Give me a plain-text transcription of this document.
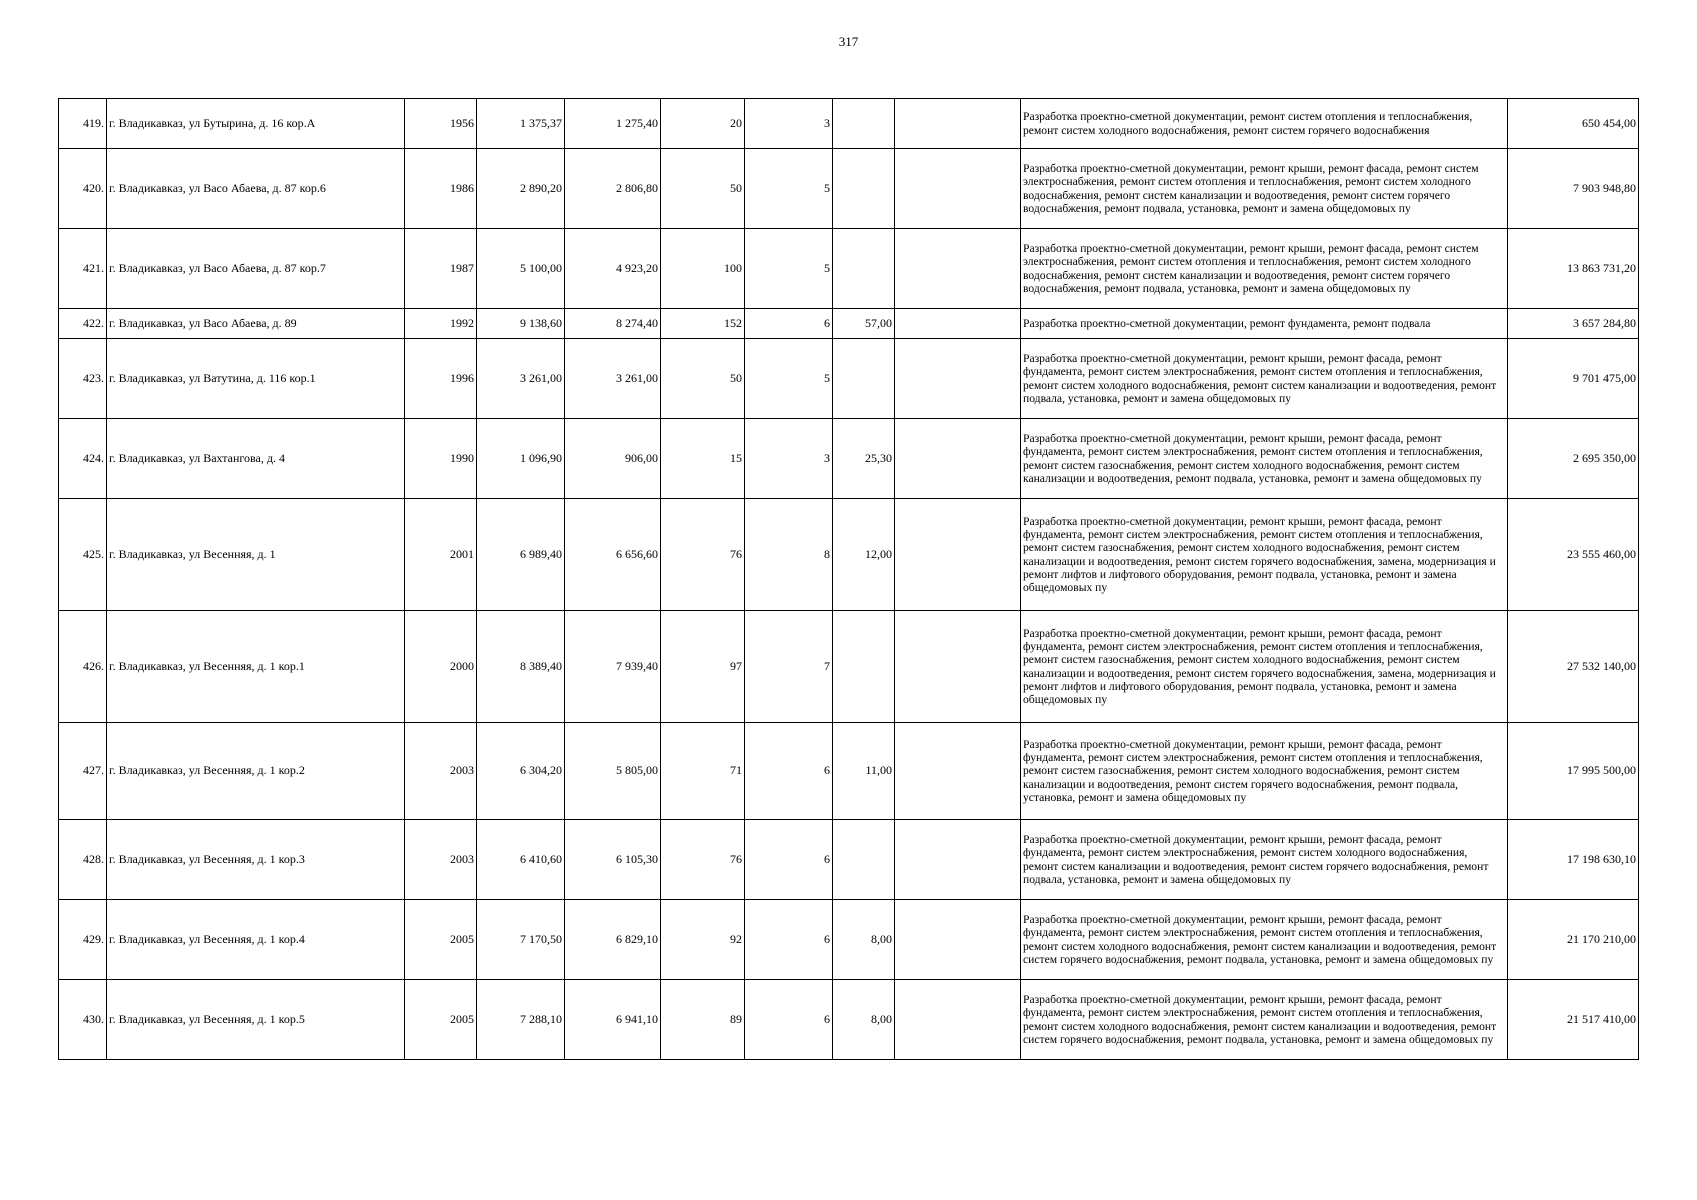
317
419.	г. Владикавказ, ул Бутырина, д. 16 кор.А	1956	1 375,37	1 275,40	20	3			Разработка проектно-сметной документации, ремонт систем отопления и теплоснабжения, ремонт систем холодного водоснабжения, ремонт систем горячего водоснабжения	650 454,00
420.	г. Владикавказ, ул Васо Абаева, д. 87 кор.6	1986	2 890,20	2 806,80	50	5			Разработка проектно-сметной документации, ремонт крыши, ремонт фасада, ремонт систем электроснабжения, ремонт систем отопления и теплоснабжения, ремонт систем холодного водоснабжения, ремонт систем канализации и водоотведения, ремонт систем горячего водоснабжения, ремонт подвала, установка, ремонт и замена общедомовых пу	7 903 948,80
421.	г. Владикавказ, ул Васо Абаева, д. 87 кор.7	1987	5 100,00	4 923,20	100	5			Разработка проектно-сметной документации, ремонт крыши, ремонт фасада, ремонт систем электроснабжения, ремонт систем отопления и теплоснабжения, ремонт систем холодного водоснабжения, ремонт систем канализации и водоотведения, ремонт систем горячего водоснабжения, ремонт подвала, установка, ремонт и замена общедомовых пу	13 863 731,20
422.	г. Владикавказ, ул Васо Абаева, д. 89	1992	9 138,60	8 274,40	152	6	57,00		Разработка проектно-сметной документации, ремонт фундамента, ремонт подвала	3 657 284,80
423.	г. Владикавказ, ул Ватутина, д. 116 кор.1	1996	3 261,00	3 261,00	50	5			Разработка проектно-сметной документации, ремонт крыши, ремонт фасада, ремонт фундамента, ремонт систем электроснабжения, ремонт систем отопления и теплоснабжения, ремонт систем холодного водоснабжения, ремонт систем канализации и водоотведения, ремонт подвала, установка, ремонт и замена общедомовых пу	9 701 475,00
424.	г. Владикавказ, ул Вахтангова, д. 4	1990	1 096,90	906,00	15	3	25,30		Разработка проектно-сметной документации, ремонт крыши, ремонт фасада, ремонт фундамента, ремонт систем электроснабжения, ремонт систем отопления и теплоснабжения, ремонт систем газоснабжения, ремонт систем холодного водоснабжения, ремонт систем канализации и водоотведения, ремонт подвала, установка, ремонт и замена общедомовых пу	2 695 350,00
425.	г. Владикавказ, ул Весенняя, д. 1	2001	6 989,40	6 656,60	76	8	12,00		Разработка проектно-сметной документации, ремонт крыши, ремонт фасада, ремонт фундамента, ремонт систем электроснабжения, ремонт систем отопления и теплоснабжения, ремонт систем газоснабжения, ремонт систем холодного водоснабжения, ремонт систем канализации и водоотведения, ремонт систем горячего водоснабжения, замена, модернизация и ремонт лифтов и лифтового оборудования, ремонт подвала, установка, ремонт и замена общедомовых пу	23 555 460,00
426.	г. Владикавказ, ул Весенняя, д. 1 кор.1	2000	8 389,40	7 939,40	97	7			Разработка проектно-сметной документации, ремонт крыши, ремонт фасада, ремонт фундамента, ремонт систем электроснабжения, ремонт систем отопления и теплоснабжения, ремонт систем газоснабжения, ремонт систем холодного водоснабжения, ремонт систем канализации и водоотведения, ремонт систем горячего водоснабжения, замена, модернизация и ремонт лифтов и лифтового оборудования, ремонт подвала, установка, ремонт и замена общедомовых пу	27 532 140,00
427.	г. Владикавказ, ул Весенняя, д. 1 кор.2	2003	6 304,20	5 805,00	71	6	11,00		Разработка проектно-сметной документации, ремонт крыши, ремонт фасада, ремонт фундамента, ремонт систем электроснабжения, ремонт систем отопления и теплоснабжения, ремонт систем газоснабжения, ремонт систем холодного водоснабжения, ремонт систем канализации и водоотведения, ремонт систем горячего водоснабжения, ремонт подвала, установка, ремонт и замена общедомовых пу	17 995 500,00
428.	г. Владикавказ, ул Весенняя, д. 1 кор.3	2003	6 410,60	6 105,30	76	6			Разработка проектно-сметной документации, ремонт крыши, ремонт фасада, ремонт фундамента, ремонт систем электроснабжения, ремонт систем холодного водоснабжения, ремонт систем канализации и водоотведения, ремонт систем горячего водоснабжения, ремонт подвала, установка, ремонт и замена общедомовых пу	17 198 630,10
429.	г. Владикавказ, ул Весенняя, д. 1 кор.4	2005	7 170,50	6 829,10	92	6	8,00		Разработка проектно-сметной документации, ремонт крыши, ремонт фасада, ремонт фундамента, ремонт систем электроснабжения, ремонт систем отопления и теплоснабжения, ремонт систем холодного водоснабжения, ремонт систем канализации и водоотведения, ремонт систем горячего водоснабжения, ремонт подвала, установка, ремонт и замена общедомовых пу	21 170 210,00
430.	г. Владикавказ, ул Весенняя, д. 1 кор.5	2005	7 288,10	6 941,10	89	6	8,00		Разработка проектно-сметной документации, ремонт крыши, ремонт фасада, ремонт фундамента, ремонт систем электроснабжения, ремонт систем отопления и теплоснабжения, ремонт систем холодного водоснабжения, ремонт систем канализации и водоотведения, ремонт систем горячего водоснабжения, ремонт подвала, установка, ремонт и замена общедомовых пу	21 517 410,00
